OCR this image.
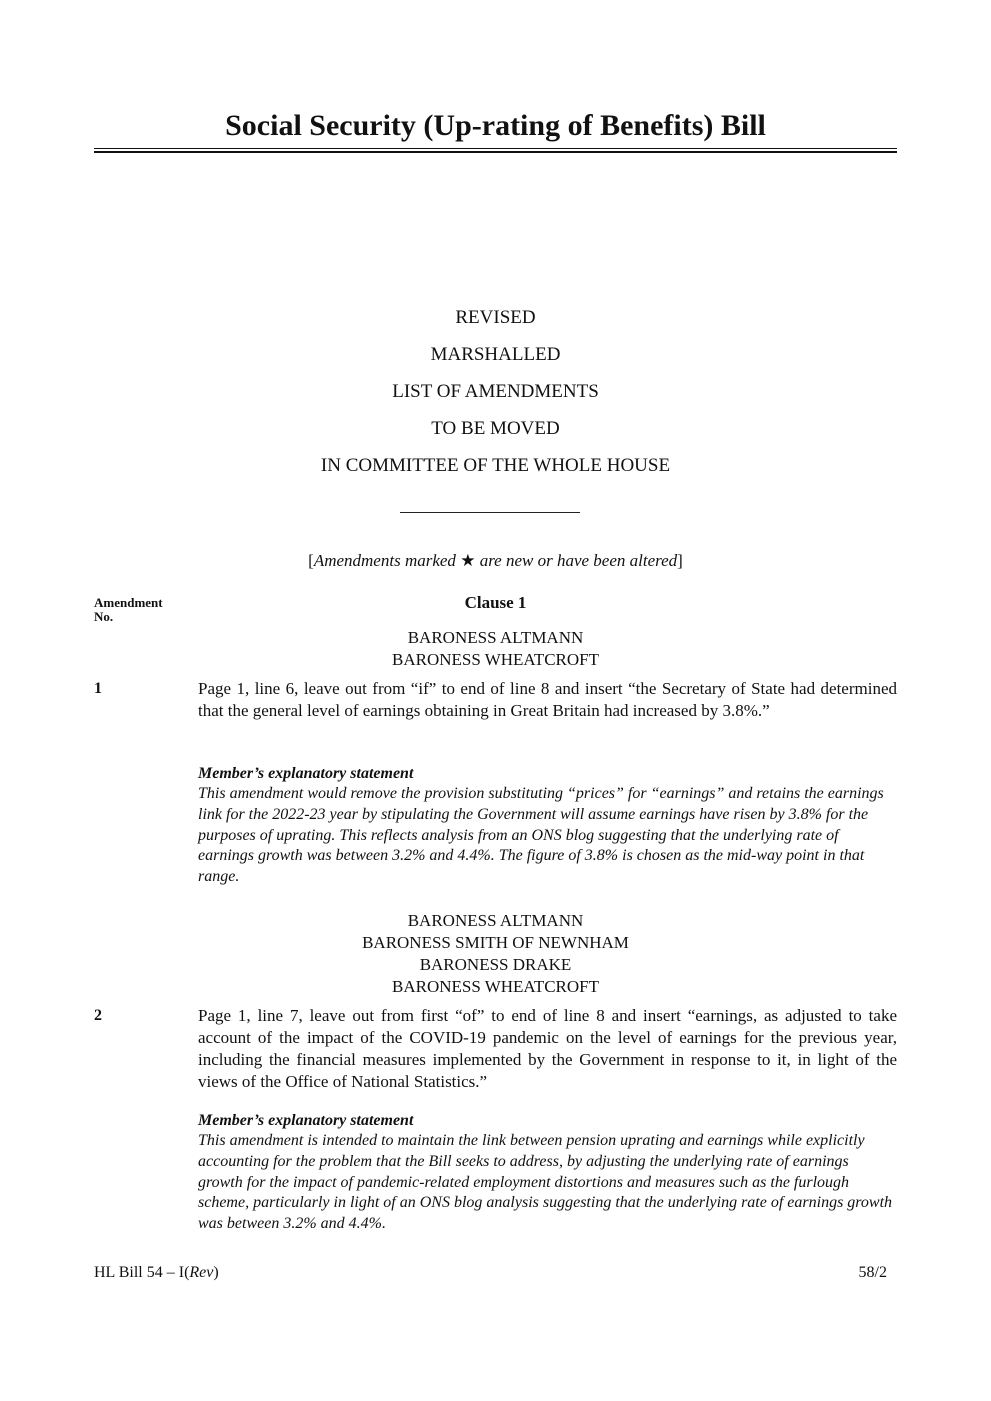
Social Security (Up-rating of Benefits) Bill
REVISED
MARSHALLED
LIST OF AMENDMENTS
TO BE MOVED
IN COMMITTEE OF THE WHOLE HOUSE
[Amendments marked ★ are new or have been altered]
Amendment
No.
Clause 1
BARONESS ALTMANN
BARONESS WHEATCROFT
1	Page 1, line 6, leave out from “if” to end of line 8 and insert “the Secretary of State had determined that the general level of earnings obtaining in Great Britain had increased by 3.8%.”
Member’s explanatory statement
This amendment would remove the provision substituting “prices” for “earnings” and retains the earnings link for the 2022-23 year by stipulating the Government will assume earnings have risen by 3.8% for the purposes of uprating. This reflects analysis from an ONS blog suggesting that the underlying rate of earnings growth was between 3.2% and 4.4%. The figure of 3.8% is chosen as the mid-way point in that range.
BARONESS ALTMANN
BARONESS SMITH OF NEWNHAM
BARONESS DRAKE
BARONESS WHEATCROFT
2	Page 1, line 7, leave out from first “of” to end of line 8 and insert “earnings, as adjusted to take account of the impact of the COVID-19 pandemic on the level of earnings for the previous year, including the financial measures implemented by the Government in response to it, in light of the views of the Office of National Statistics.”
Member’s explanatory statement
This amendment is intended to maintain the link between pension uprating and earnings while explicitly accounting for the problem that the Bill seeks to address, by adjusting the underlying rate of earnings growth for the impact of pandemic-related employment distortions and measures such as the furlough scheme, particularly in light of an ONS blog analysis suggesting that the underlying rate of earnings growth was between 3.2% and 4.4%.
HL Bill 54 – I(Rev)	58/2
